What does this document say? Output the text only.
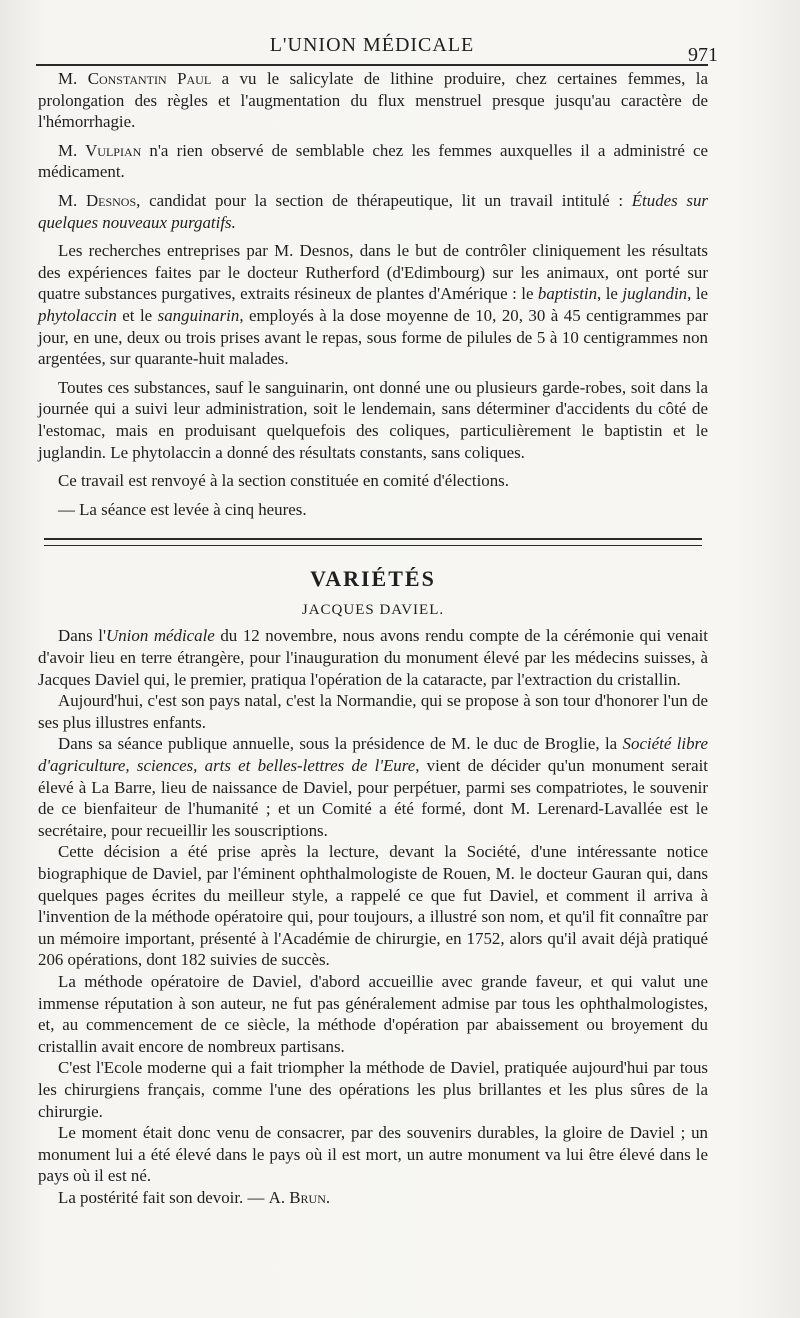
L'UNION MÉDICALE	971

M. Constantin Paul a vu le salicylate de lithine produire, chez certaines femmes, la prolongation des règles et l'augmentation du flux menstruel presque jusqu'au caractère de l'hémorrhagie.

M. Vulpian n'a rien observé de semblable chez les femmes auxquelles il a administré ce médicament.

M. Desnos, candidat pour la section de thérapeutique, lit un travail intitulé : Études sur quelques nouveaux purgatifs.

Les recherches entreprises par M. Desnos, dans le but de contrôler cliniquement les résultats des expériences faites par le docteur Rutherford (d'Edimbourg) sur les animaux, ont porté sur quatre substances purgatives, extraits résineux de plantes d'Amérique : le baptistin, le juglandin, le phytolaccin et le sanguinarin, employés à la dose moyenne de 10, 20, 30 à 45 centigrammes par jour, en une, deux ou trois prises avant le repas, sous forme de pilules de 5 à 10 centigrammes non argentées, sur quarante-huit malades.

Toutes ces substances, sauf le sanguinarin, ont donné une ou plusieurs garde-robes, soit dans la journée qui a suivi leur administration, soit le lendemain, sans déterminer d'accidents du côté de l'estomac, mais en produisant quelquefois des coliques, particulièrement le baptistin et le juglandin. Le phytolaccin a donné des résultats constants, sans coliques.

Ce travail est renvoyé à la section constituée en comité d'élections.

— La séance est levée à cinq heures.

VARIÉTÉS
JACQUES DAVIEL.

Dans l'Union médicale du 12 novembre, nous avons rendu compte de la cérémonie qui venait d'avoir lieu en terre étrangère, pour l'inauguration du monument élevé par les médecins suisses, à Jacques Daviel qui, le premier, pratiqua l'opération de la cataracte, par l'extraction du cristallin.

Aujourd'hui, c'est son pays natal, c'est la Normandie, qui se propose à son tour d'honorer l'un de ses plus illustres enfants.

Dans sa séance publique annuelle, sous la présidence de M. le duc de Broglie, la Société libre d'agriculture, sciences, arts et belles-lettres de l'Eure, vient de décider qu'un monument serait élevé à La Barre, lieu de naissance de Daviel, pour perpétuer, parmi ses compatriotes, le souvenir de ce bienfaiteur de l'humanité ; et un Comité a été formé, dont M. Lerenard-Lavallée est le secrétaire, pour recueillir les souscriptions.

Cette décision a été prise après la lecture, devant la Société, d'une intéressante notice biographique de Daviel, par l'éminent ophthalmologiste de Rouen, M. le docteur Gauran qui, dans quelques pages écrites du meilleur style, a rappelé ce que fut Daviel, et comment il arriva à l'invention de la méthode opératoire qui, pour toujours, a illustré son nom, et qu'il fit connaître par un mémoire important, présenté à l'Académie de chirurgie, en 1752, alors qu'il avait déjà pratiqué 206 opérations, dont 182 suivies de succès.

La méthode opératoire de Daviel, d'abord accueillie avec grande faveur, et qui valut une immense réputation à son auteur, ne fut pas généralement admise par tous les ophthalmologistes, et, au commencement de ce siècle, la méthode d'opération par abaissement ou broyement du cristallin avait encore de nombreux partisans.

C'est l'Ecole moderne qui a fait triompher la méthode de Daviel, pratiquée aujourd'hui par tous les chirurgiens français, comme l'une des opérations les plus brillantes et les plus sûres de la chirurgie.

Le moment était donc venu de consacrer, par des souvenirs durables, la gloire de Daviel ; un monument lui a été élevé dans le pays où il est mort, un autre monument va lui être élevé dans le pays où il est né.

La postérité fait son devoir. — A. Brun.
